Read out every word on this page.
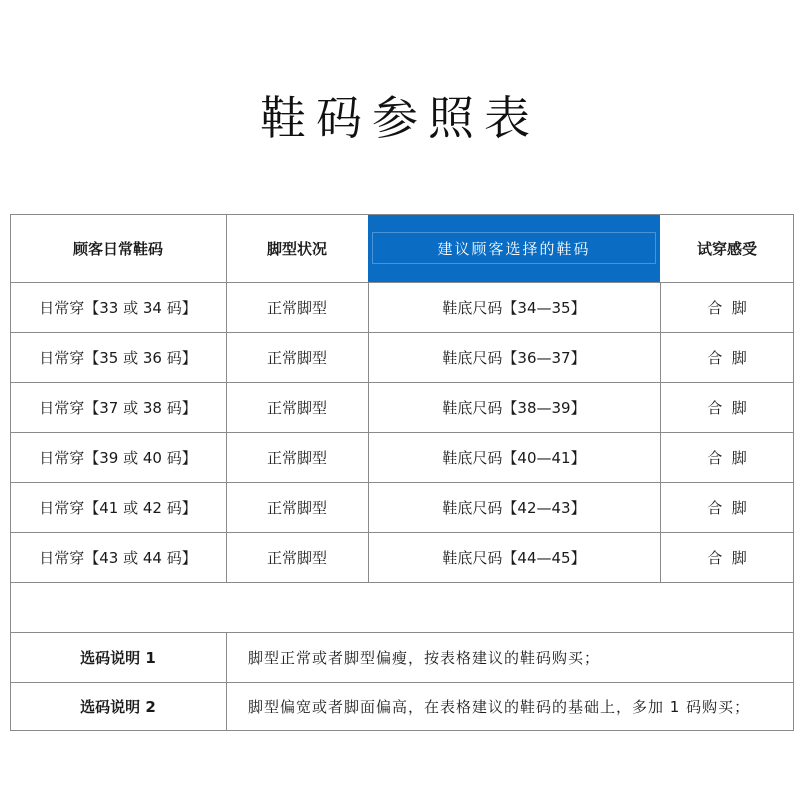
鞋码参照表
顾客日常鞋码	脚型状况	建议顾客选择的鞋码	试穿感受
日常穿【33 或 34 码】	正常脚型	鞋底尺码【34—35】	合  脚
日常穿【35 或 36 码】	正常脚型	鞋底尺码【36—37】	合  脚
日常穿【37 或 38 码】	正常脚型	鞋底尺码【38—39】	合  脚
日常穿【39 或 40 码】	正常脚型	鞋底尺码【40—41】	合  脚
日常穿【41 或 42 码】	正常脚型	鞋底尺码【42—43】	合  脚
日常穿【43 或 44 码】	正常脚型	鞋底尺码【44—45】	合  脚
选码说明 1	脚型正常或者脚型偏瘦，按表格建议的鞋码购买；
选码说明 2	脚型偏宽或者脚面偏高，在表格建议的鞋码的基础上，多加 1 码购买；
